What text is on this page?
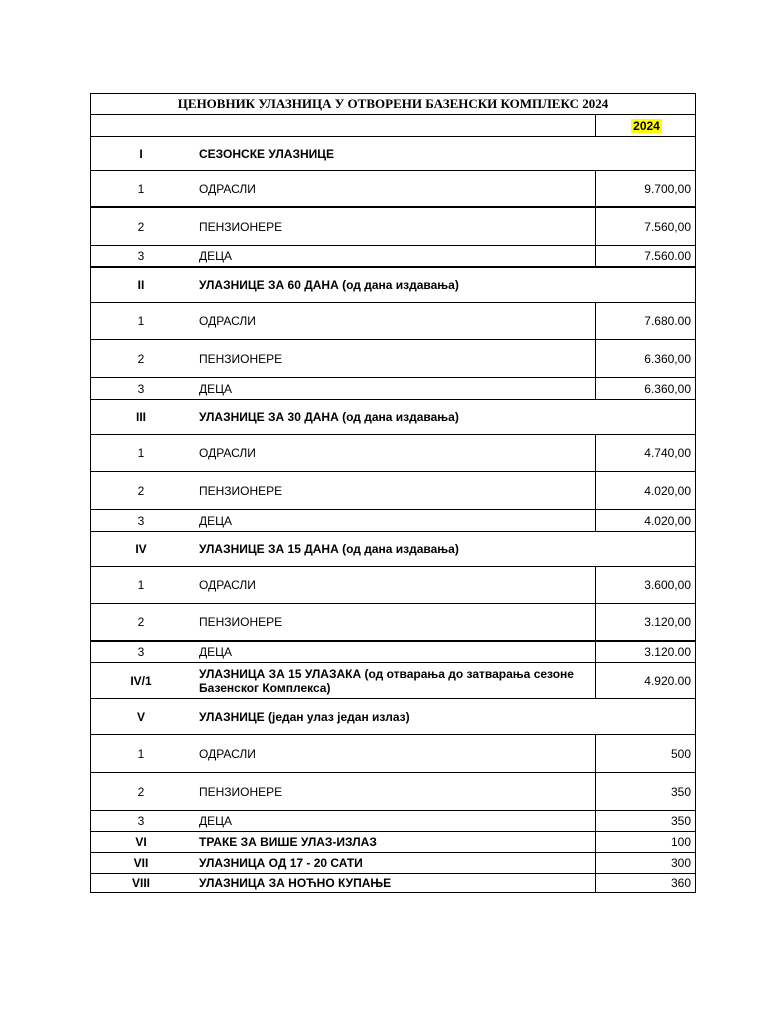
ЦЕНОВНИК УЛАЗНИЦА У ОТВОРЕНИ БАЗЕНСКИ КОМПЛЕКС 2024
2024
I	СЕЗОНСКЕ УЛАЗНИЦЕ
1	ОДРАСЛИ	9.700,00
2	ПЕНЗИОНЕРЕ	7.560,00
3	ДЕЦА	7.560.00
II	УЛАЗНИЦЕ ЗА 60 ДАНА (од дана издавања)
1	ОДРАСЛИ	7.680.00
2	ПЕНЗИОНЕРЕ	6.360,00
3	ДЕЦА	6.360,00
III	УЛАЗНИЦЕ ЗА 30 ДАНА (од дана издавања)
1	ОДРАСЛИ	4.740,00
2	ПЕНЗИОНЕРЕ	4.020,00
3	ДЕЦА	4.020,00
IV	УЛАЗНИЦЕ ЗА 15 ДАНА (од дана издавања)
1	ОДРАСЛИ	3.600,00
2	ПЕНЗИОНЕРЕ	3.120,00
3	ДЕЦА	3.120.00
IV/1	УЛАЗНИЦА ЗА 15 УЛАЗАКА (од отварања до затварања сезоне Базенског Комплекса)	4.920.00
V	УЛАЗНИЦЕ (један улаз један излаз)
1	ОДРАСЛИ	500
2	ПЕНЗИОНЕРЕ	350
3	ДЕЦА	350
VI	ТРАКЕ ЗА ВИШЕ УЛАЗ-ИЗЛАЗ	100
VII	УЛАЗНИЦА ОД 17 - 20 САТИ	300
VIII	УЛАЗНИЦА ЗА НОЋНО КУПАЊЕ	360
